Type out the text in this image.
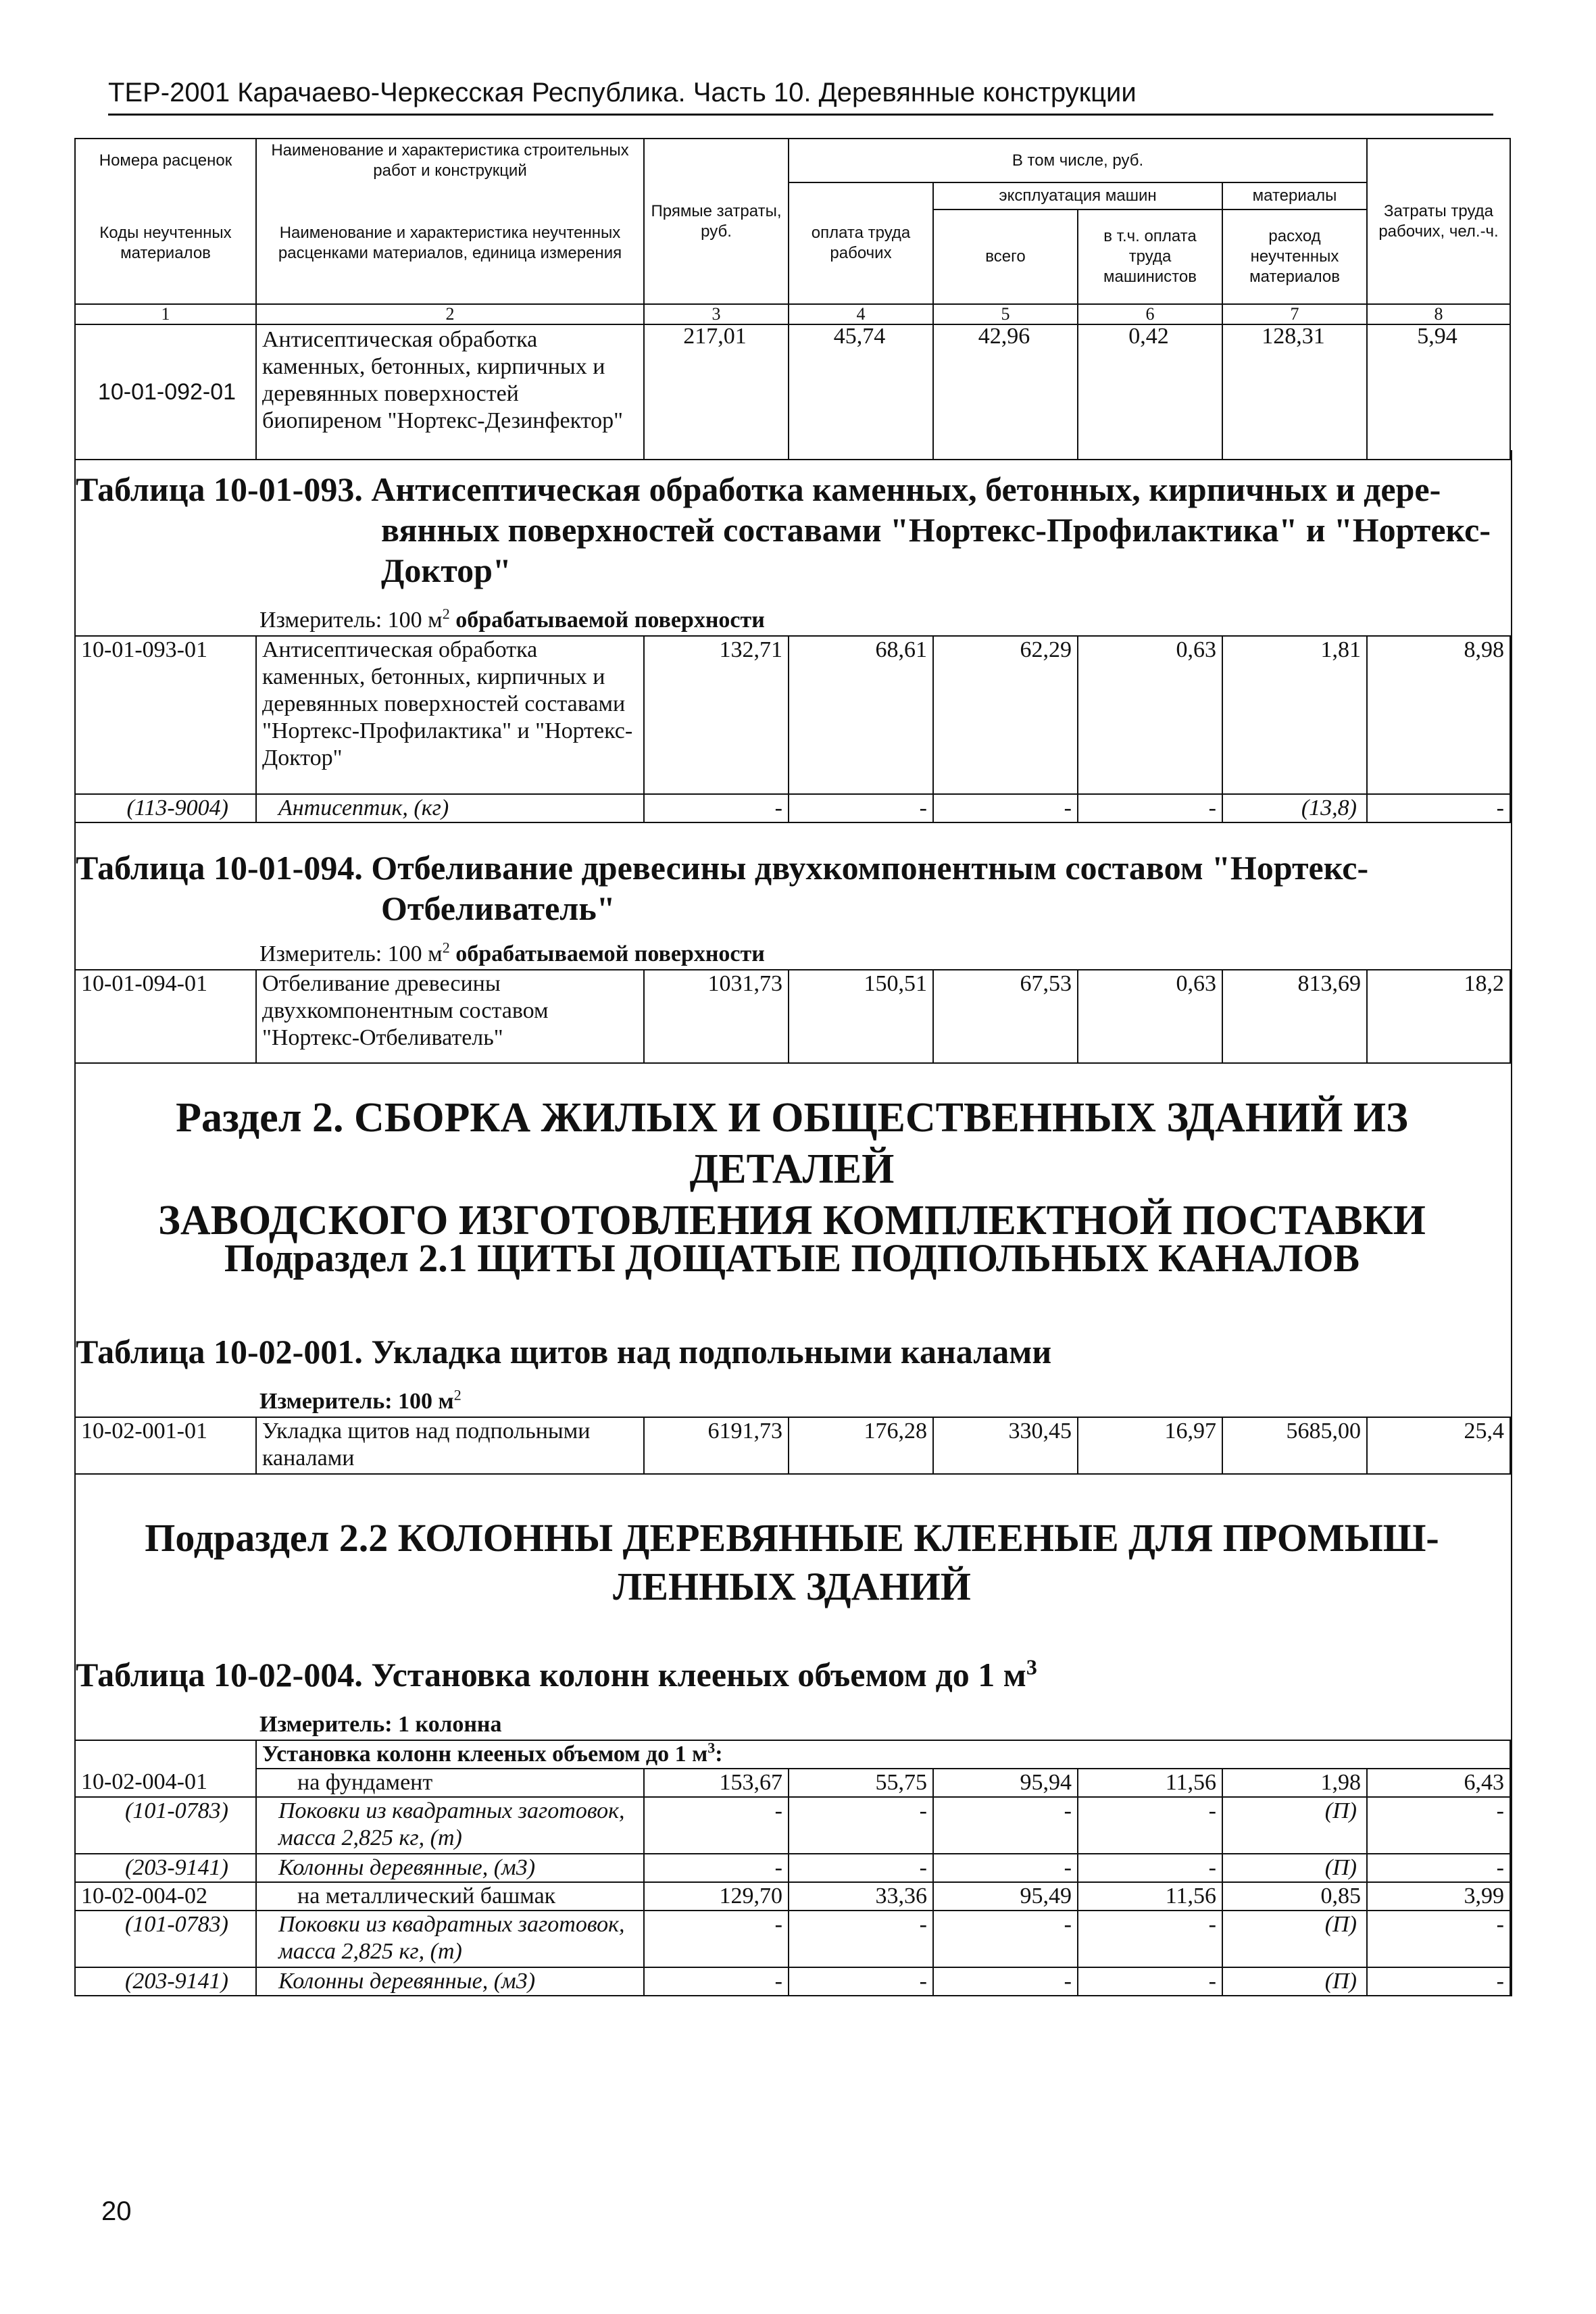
ТЕР-2001 Карачаево-Черкесская Республика. Часть 10. Деревянные конструкции
Номера расценок	Наименование и характеристика строительных работ и конструкций	Прямые затраты, руб.	В том числе, руб.				Затраты труда рабочих, чел.-ч.
Коды неучтенных материалов	Наименование и характеристика неучтенных расценками материалов, единица измерения		оплата труда рабочих	эксплуатация машин		материалы	
				всего	в т.ч. оплата труда машинистов	расход неучтенных материалов	
1	2	3	4	5	6	7	8
10-01-092-01	Антисептическая обработка каменных, бетонных, кирпичных и деревянных поверхностей биопиреном "Нортекс-Дезинфектор"	217,01	45,74	42,96	0,42	128,31	5,94
Таблица 10-01-093. Антисептическая обработка каменных, бетонных, кирпичных и дере-
вянных поверхностей составами "Нортекс-Профилактика" и "Нортекс-
Доктор"
Измеритель: 100 $м^2$ обрабатываемой поверхности
10-01-093-01	Антисептическая обработка каменных, бетонных, кирпичных и деревянных поверхностей составами "Нортекс-Профилактика" и "Нортекс-Доктор"	132,71	68,61	62,29	0,63	1,81	8,98
(113-9004)	Антисептик, (кг)	-	-	-	-	(13,8)	-
Таблица 10-01-094. Отбеливание древесины двухкомпонентным составом "Нортекс-
Отбеливатель"
Измеритель: 100 $м^2$ обрабатываемой поверхности
10-01-094-01	Отбеливание древесины двухкомпонентным составом "Нортекс-Отбеливатель"	1031,73	150,51	67,53	0,63	813,69	18,2
Раздел 2. СБОРКА ЖИЛЫХ И ОБЩЕСТВЕННЫХ ЗДАНИЙ ИЗ ДЕТАЛЕЙ
ЗАВОДСКОГО ИЗГОТОВЛЕНИЯ КОМПЛЕКТНОЙ ПОСТАВКИ
Подраздел 2.1 ЩИТЫ ДОЩАТЫЕ ПОДПОЛЬНЫХ КАНАЛОВ
Таблица 10-02-001. Укладка щитов над подпольными каналами
Измеритель: 100 $м^2$
10-02-001-01	Укладка щитов над подпольными каналами	6191,73	176,28	330,45	16,97	5685,00	25,4
Подраздел 2.2 КОЛОННЫ ДЕРЕВЯННЫЕ КЛЕЕНЫЕ ДЛЯ ПРОМЫШ-
ЛЕННЫХ ЗДАНИЙ
Таблица 10-02-004. Установка колонн клееных объемом до 1 $м^3$
Измеритель: 1 колонна
	Установка колонн клееных объемом до 1 $м^3$:						
10-02-004-01	на фундамент	153,67	55,75	95,94	11,56	1,98	6,43
(101-0783)	Поковки из квадратных заготовок, масса 2,825 кг, (т)	-	-	-	-	(П)	-
(203-9141)	Колонны деревянные, (м3)	-	-	-	-	(П)	-
10-02-004-02	на металлический башмак	129,70	33,36	95,49	11,56	0,85	3,99
(101-0783)	Поковки из квадратных заготовок, масса 2,825 кг, (т)	-	-	-	-	(П)	-
(203-9141)	Колонны деревянные, (м3)	-	-	-	-	(П)	-
20
